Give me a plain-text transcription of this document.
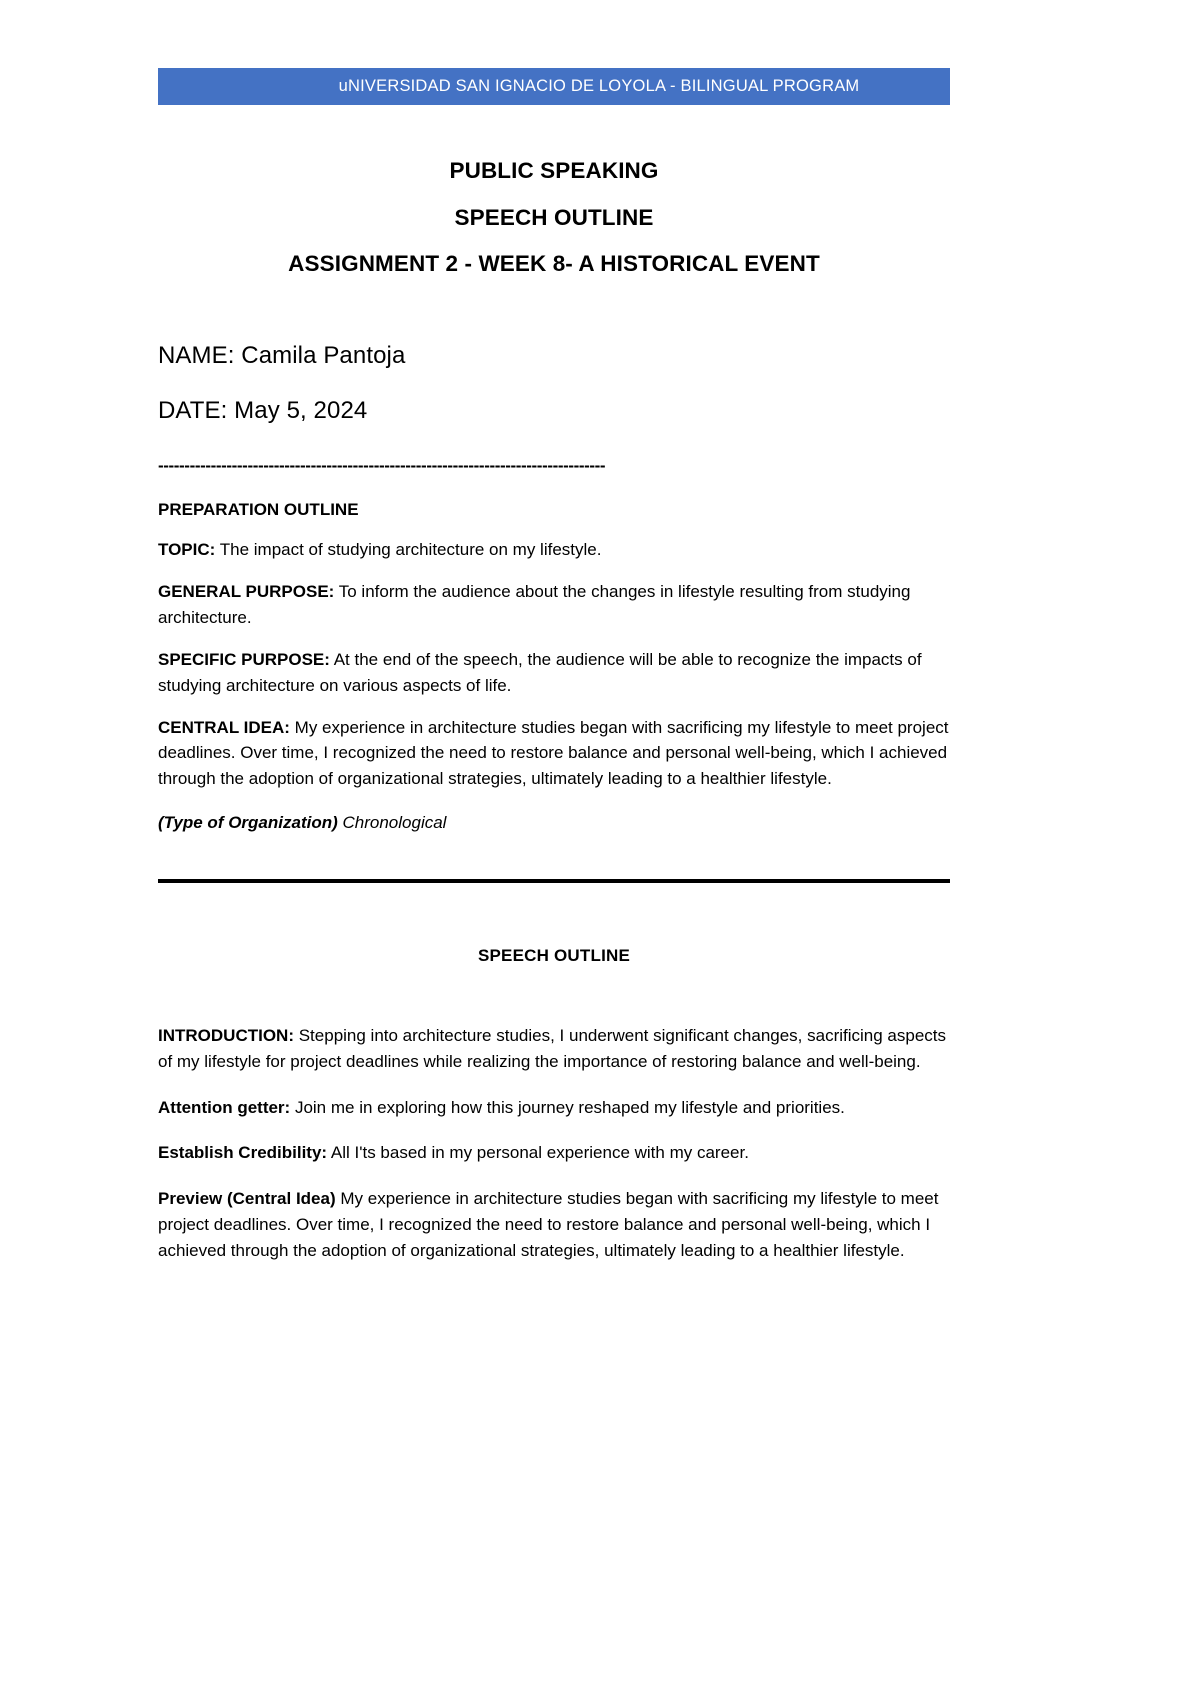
uNIVERSIDAD SAN IGNACIO DE LOYOLA - BILINGUAL PROGRAM
PUBLIC SPEAKING
SPEECH OUTLINE
ASSIGNMENT 2 - WEEK 8- A HISTORICAL EVENT
NAME: Camila Pantoja
DATE: May 5, 2024
-------------------------------------------------------------------------------------
PREPARATION OUTLINE

TOPIC: The impact of studying architecture on my lifestyle.

GENERAL PURPOSE: To inform the audience about the changes in lifestyle resulting from studying architecture.

SPECIFIC PURPOSE: At the end of the speech, the audience will be able to recognize the impacts of studying architecture on various aspects of life.

CENTRAL IDEA: My experience in architecture studies began with sacrificing my lifestyle to meet project deadlines. Over time, I recognized the need to restore balance and personal well-being, which I achieved through the adoption of organizational strategies, ultimately leading to a healthier lifestyle.

(Type of Organization) Chronological

SPEECH OUTLINE

INTRODUCTION: Stepping into architecture studies, I underwent significant changes, sacrificing aspects of my lifestyle for project deadlines while realizing the importance of restoring balance and well-being.

Attention getter: Join me in exploring how this journey reshaped my lifestyle and priorities.

Establish Credibility: All I'ts based in my personal experience with my career.

Preview (Central Idea) My experience in architecture studies began with sacrificing my lifestyle to meet project deadlines. Over time, I recognized the need to restore balance and personal well-being, which I achieved through the adoption of organizational strategies, ultimately leading to a healthier lifestyle.
